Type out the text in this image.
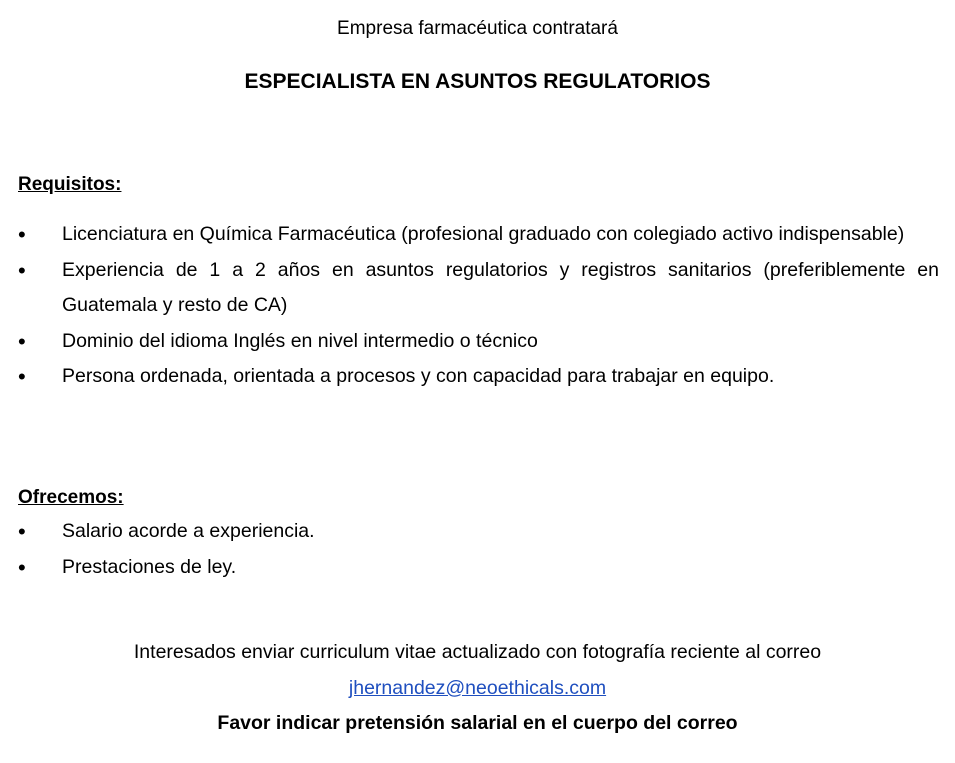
Empresa farmacéutica contratará
ESPECIALISTA EN ASUNTOS REGULATORIOS
Requisitos:
•	Licenciatura en Química Farmacéutica (profesional graduado con colegiado activo indispensable)
•	Experiencia de 1 a 2 años en asuntos regulatorios y registros sanitarios (preferiblemente en Guatemala y resto de CA)
•	Dominio del idioma Inglés en nivel intermedio o técnico
•	Persona ordenada, orientada a procesos y con capacidad para trabajar en equipo.
Ofrecemos:
•	Salario acorde a experiencia.
•	Prestaciones de ley.
Interesados enviar curriculum vitae actualizado con fotografía reciente al correo
jhernandez@neoethicals.com
Favor indicar pretensión salarial en el cuerpo del correo
